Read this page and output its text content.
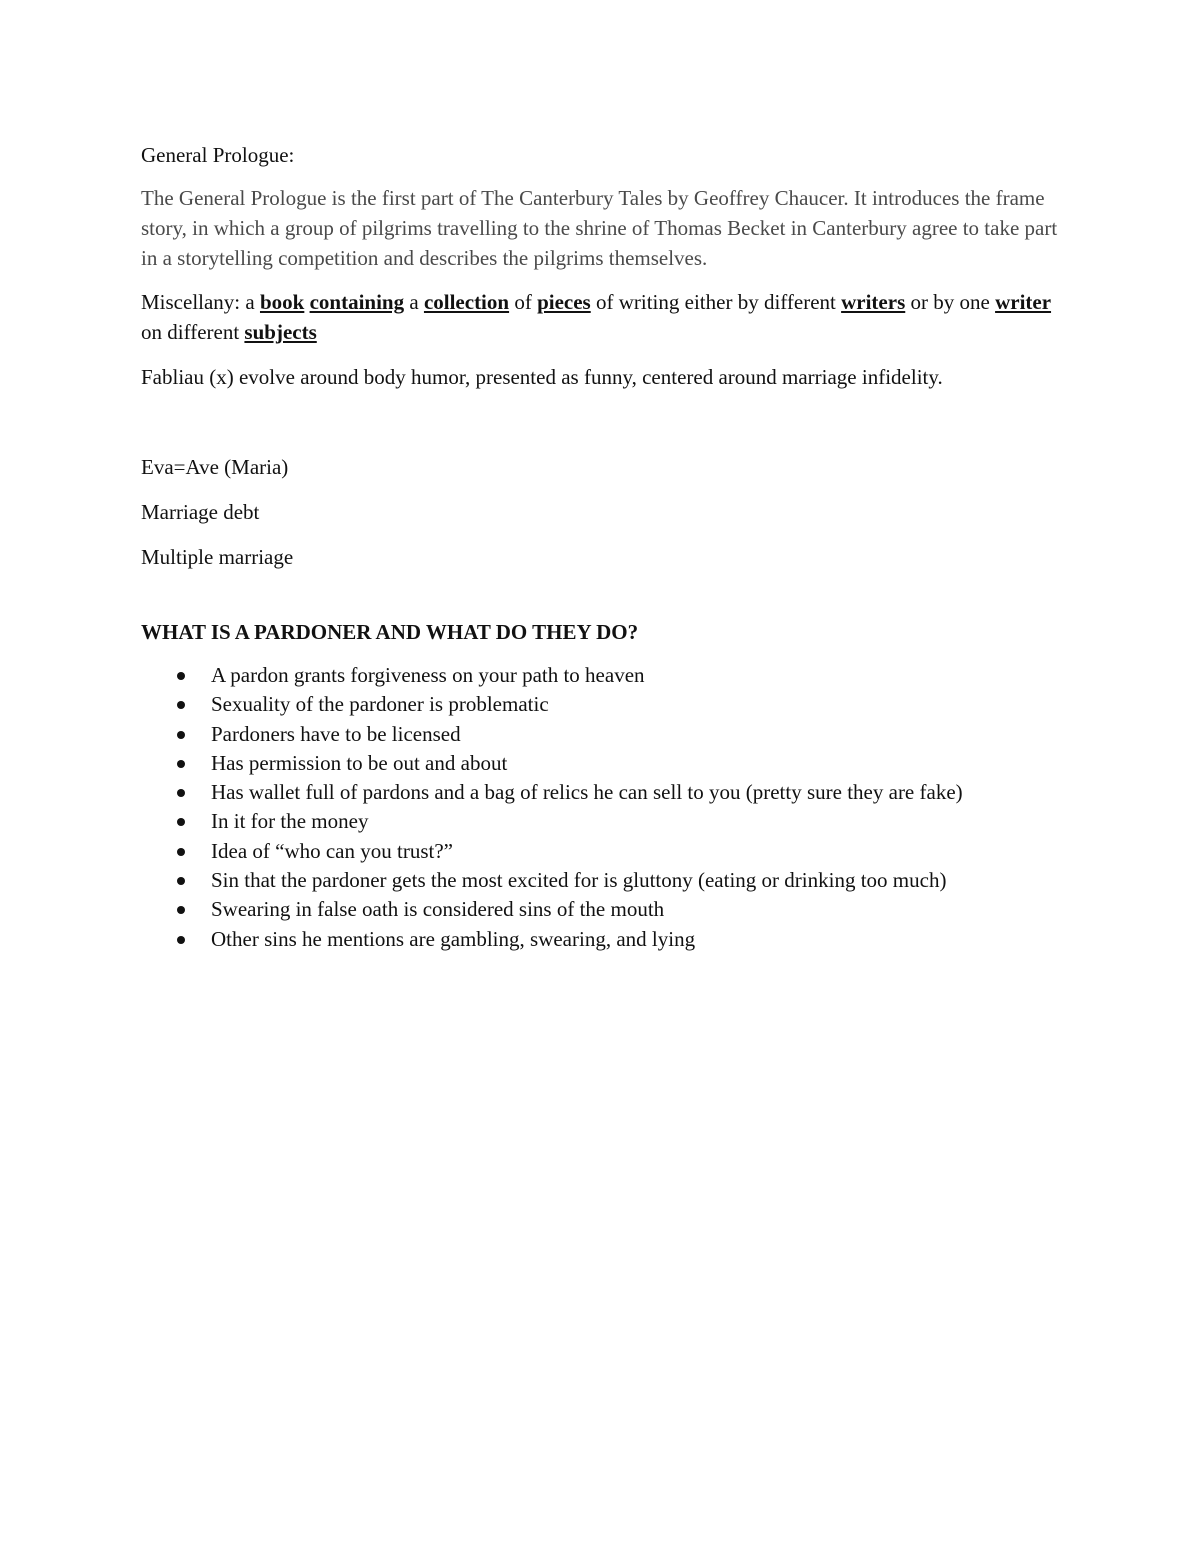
General Prologue:

The General Prologue is the first part of The Canterbury Tales by Geoffrey Chaucer. It introduces the frame story, in which a group of pilgrims travelling to the shrine of Thomas Becket in Canterbury agree to take part in a storytelling competition and describes the pilgrims themselves.

Miscellany: a book containing a collection of pieces of writing either by different writers or by one writer on different subjects

Fabliau (x) evolve around body humor, presented as funny, centered around marriage infidelity.

Eva=Ave (Maria)

Marriage debt

Multiple marriage

WHAT IS A PARDONER AND WHAT DO THEY DO?

A pardon grants forgiveness on your path to heaven
Sexuality of the pardoner is problematic
Pardoners have to be licensed
Has permission to be out and about
Has wallet full of pardons and a bag of relics he can sell to you (pretty sure they are fake)
In it for the money
Idea of “who can you trust?”
Sin that the pardoner gets the most excited for is gluttony (eating or drinking too much)
Swearing in false oath is considered sins of the mouth
Other sins he mentions are gambling, swearing, and lying
